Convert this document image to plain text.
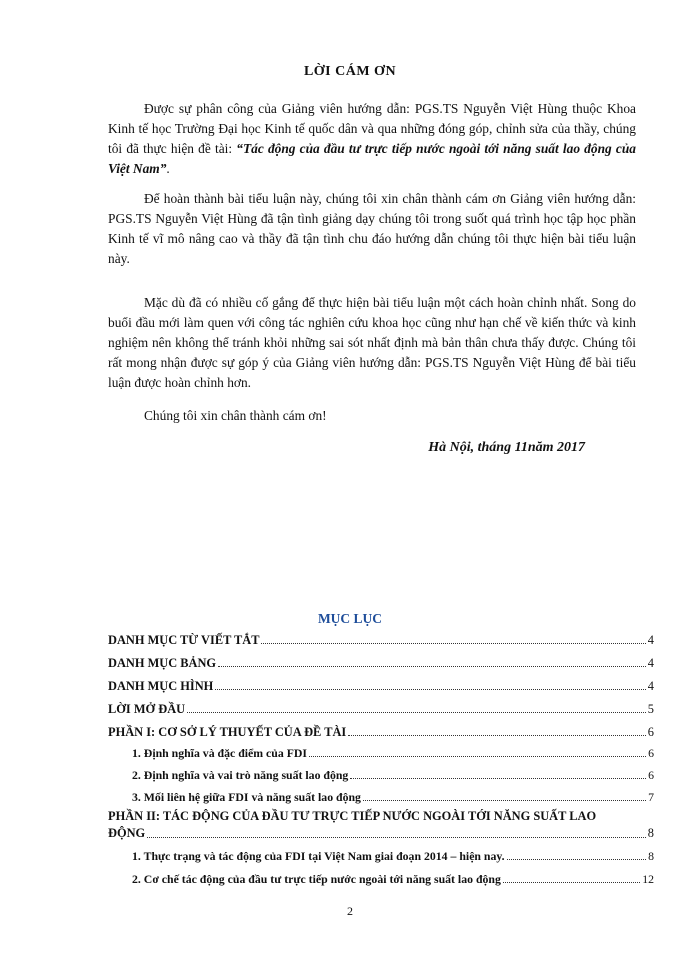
LỜI CÁM ƠN

Được sự phân công của Giảng viên hướng dẫn: PGS.TS Nguyễn Việt Hùng thuộc Khoa Kinh tế học Trường Đại học Kinh tế quốc dân và qua những đóng góp, chỉnh sửa của thầy, chúng tôi đã thực hiện đề tài: “Tác động của đầu tư trực tiếp nước ngoài tới năng suất lao động của Việt Nam”.

Để hoàn thành bài tiểu luận này, chúng tôi xin chân thành cám ơn Giảng viên hướng dẫn: PGS.TS Nguyễn Việt Hùng đã tận tình giảng dạy chúng tôi trong suốt quá trình học tập học phần Kinh tế vĩ mô nâng cao và thầy đã tận tình chu đáo hướng dẫn chúng tôi thực hiện bài tiểu luận này.

Mặc dù đã có nhiều cố gắng để thực hiện bài tiểu luận một cách hoàn chỉnh nhất. Song do buổi đầu mới làm quen với công tác nghiên cứu khoa học cũng như hạn chế về kiến thức và kinh nghiệm nên không thể tránh khỏi những sai sót nhất định mà bản thân chưa thấy được. Chúng tôi rất mong nhận được sự góp ý của Giảng viên hướng dẫn: PGS.TS Nguyễn Việt Hùng để bài tiểu luận được hoàn chỉnh hơn.

Chúng tôi xin chân thành cám ơn!

Hà Nội, tháng 11năm 2017
MỤC LỤC
DANH MỤC TỪ VIẾT TẮT	4
DANH MỤC BẢNG	4
DANH MỤC HÌNH	4
LỜI MỞ ĐẦU	5
PHẦN I: CƠ SỞ LÝ THUYẾT CỦA ĐỀ TÀI	6
1. Định nghĩa và đặc điểm của FDI	6
2. Định nghĩa và vai trò năng suất lao động	6
3. Mối liên hệ giữa FDI và năng suất lao động	7
PHẦN II: TÁC ĐỘNG CỦA ĐẦU TƯ TRỰC TIẾP NƯỚC NGOÀI TỚI NĂNG SUẤT LAO
ĐỘNG	8
1. Thực trạng và tác động của FDI tại Việt Nam giai đoạn 2014 – hiện nay.	8
2. Cơ chế tác động của đầu tư trực tiếp nước ngoài tới năng suất lao động	12
2
